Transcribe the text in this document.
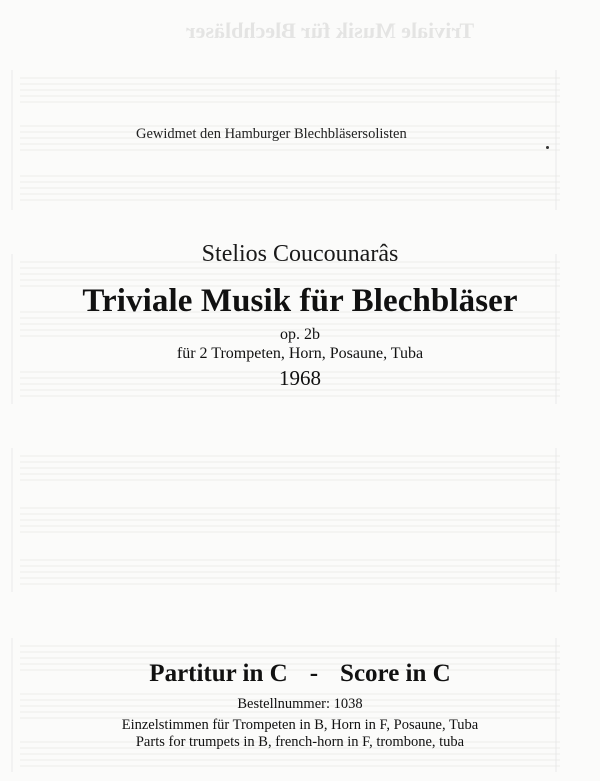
Triviale Musik für Blechbläser
Gewidmet den Hamburger Blechbläsersolisten
Stelios Coucounarâs
Triviale Musik für Blechbläser
op. 2b
für 2 Trompeten, Horn, Posaune, Tuba
1968
Partitur in C - Score in C
Bestellnummer: 1038
Einzelstimmen für Trompeten in B, Horn in F, Posaune, Tuba
Parts for trumpets in B, french-horn in F, trombone, tuba
